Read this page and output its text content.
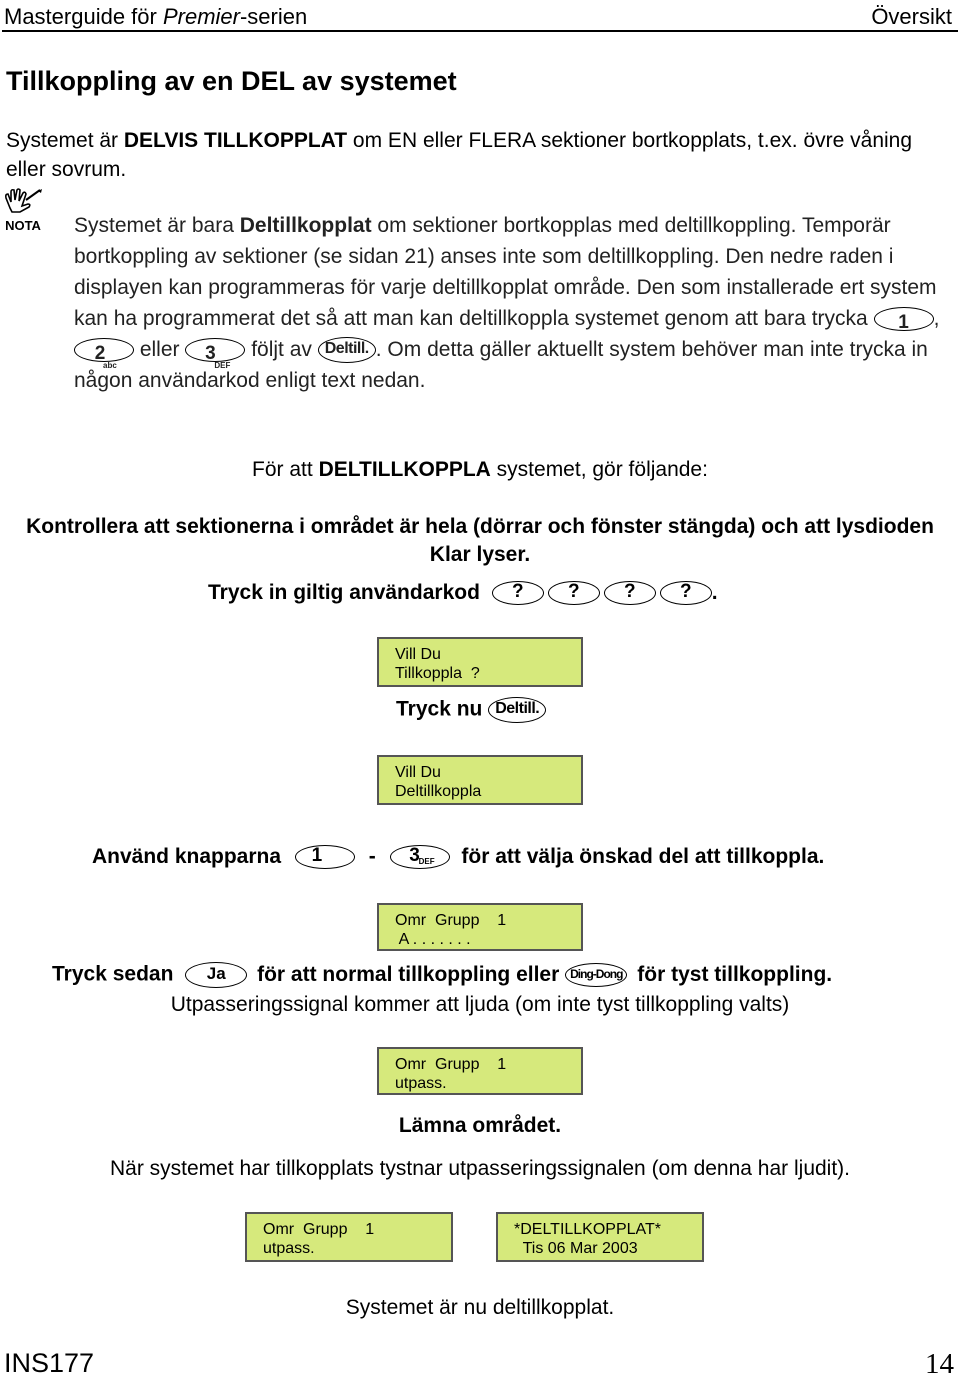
Masterguide för Premier-serien	Översikt
Tillkoppling av en DEL av systemet
Systemet är DELVIS TILLKOPPLAT om EN eller FLERA sektioner bortkopplats, t.ex. övre våning eller sovrum.
NOTA Systemet är bara Deltillkopplat om sektioner bortkopplas med deltillkoppling. Temporär bortkoppling av sektioner (se sidan 21) anses inte som deltillkoppling. Den nedre raden i displayen kan programmeras för varje deltillkopplat område. Den som installerade ert system kan ha programmerat det så att man kan deltillkoppla systemet genom att bara trycka	1	,
2
abc
eller	3
DEF
följt av Deltill. . Om detta gäller aktuellt system behöver man inte trycka in någon användarkod enligt text nedan.
För att DELTILLKOPPLA systemet, gör följande:
Kontrollera att sektionerna i området är hela (dörrar och fönster stängda) och att lysdioden Klar lyser.
Tryck in giltig användarkod	?	?	?	? .
Vill Du
Tillkoppla  ?
Tryck nu Deltill.
Vill Du
Deltillkoppla
Använd knapparna	1	-	3
DEF för att välja önskad del att tillkoppla.
Omr  Grupp    1
A . . . . . . .
Tryck sedan	Ja	för att normal tillkoppling eller Ding-Dong för tyst tillkoppling.
Utpasseringssignal kommer att ljuda (om inte tyst tillkoppling valts)
Omr  Grupp    1
utpass.
Lämna området.
När systemet har tillkopplats tystnar utpasseringssignalen (om denna har ljudit).
Omr  Grupp    1
utpass.
*DELTILLKOPPLAT*
Tis 06 Mar 2003
Systemet är nu deltillkopplat.
INS177	14
